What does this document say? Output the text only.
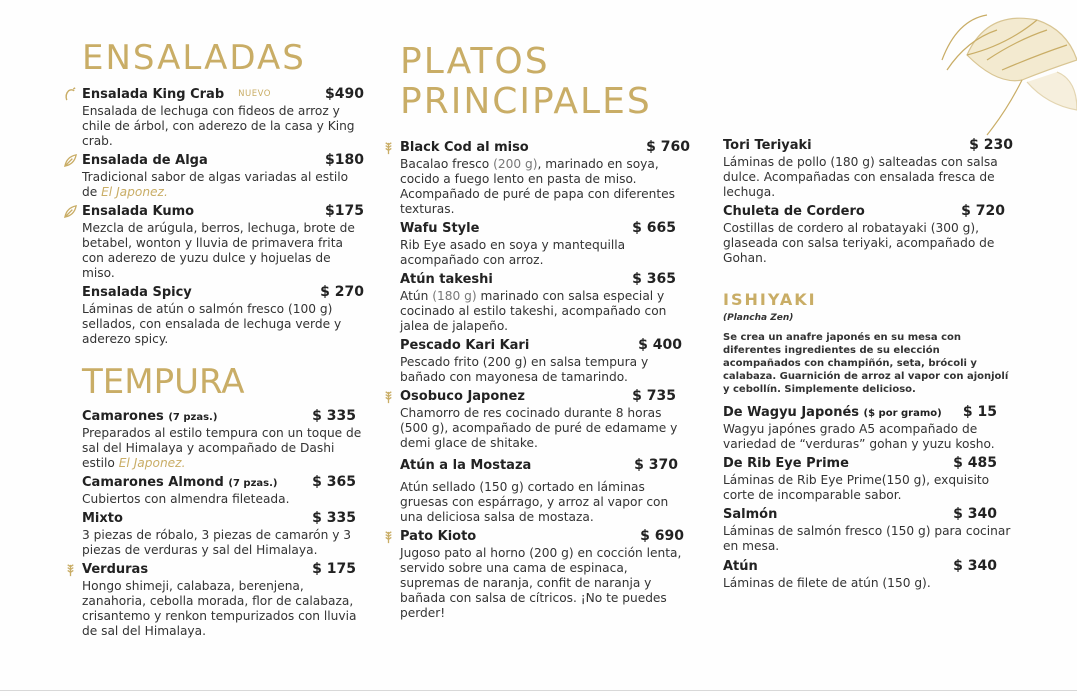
ENSALADAS
TEMPURA
PLATOS PRINCIPALES
ISHIYAKI
Ensalada King Crab NUEVO	$490

Ensalada de lechuga con fideos de arroz y chile de árbol, con aderezo de la casa y King crab.

Ensalada de Alga	$180

Tradicional sabor de algas variadas al estilo de El Japonez.

Ensalada Kumo	$175

Mezcla de arúgula, berros, lechuga, brote de betabel, wonton y lluvia de primavera frita con aderezo de yuzu dulce y hojuelas de miso.

Ensalada Spicy	$ 270

Láminas de atún o salmón fresco (100 g) sellados, con ensalada de lechuga verde y aderezo spicy.

Camarones (7 pzas.)	$ 335

Preparados al estilo tempura con un toque de sal del Himalaya y acompañado de Dashi estilo El Japonez.

Camarones Almond (7 pzas.) $ 365

Cubiertos con almendra fileteada.

Mixto	$ 335

3 piezas de róbalo, 3 piezas de camarón y 3 piezas de verduras y sal del Himalaya.

Verduras	$ 175

Hongo shimeji, calabaza, berenjena, zanahoria, cebolla morada, flor de calabaza, crisantemo y renkon tempurizados con lluvia de sal del Himalaya.

Black Cod al miso	$ 760

Bacalao fresco (200 g), marinado en soya, cocido a fuego lento en pasta de miso. Acompañado de puré de papa con diferentes texturas.

Wafu Style	$ 665

Rib Eye asado en soya y mantequilla acompañado con arroz.

Atún takeshi	$ 365

Atún (180 g) marinado con salsa especial y cocinado al estilo takeshi, acompañado con jalea de jalapeño.

Pescado Kari Kari	$ 400

Pescado frito (200 g) en salsa tempura y bañado con mayonesa de tamarindo.

Osobuco Japonez	$ 735

Chamorro de res cocinado durante 8 horas (500 g), acompañado de puré de edamame y demi glace de shitake.

Atún a la Mostaza	$ 370

Atún sellado (150 g) cortado en láminas gruesas con espárrago, y arroz al vapor con una deliciosa salsa de mostaza.

Pato Kioto	$ 690

Jugoso pato al horno (200 g) en cocción lenta, servido sobre una cama de espinaca, supremas de naranja, confit de naranja y bañada con salsa de cítricos. ¡No te puedes perder!

Tori Teriyaki	$ 230

Láminas de pollo (180 g) salteadas con salsa dulce. Acompañadas con ensalada fresca de lechuga.

Chuleta de Cordero	$ 720

Costillas de cordero al robatayaki (300 g), glaseada con salsa teriyaki, acompañado de Gohan.

(Plancha Zen)

Se crea un anafre japonés en su mesa con diferentes ingredientes de su elección acompañados con champiñón, seta, brócoli y calabaza. Guarnición de arroz al vapor con ajonjolí y cebollín. Simplemente delicioso.

De Wagyu Japonés ($ por gramo) $ 15

Wagyu japónes grado A5 acompañado de variedad de “verduras” gohan y yuzu kosho.

De Rib Eye Prime	$ 485

Láminas de Rib Eye Prime(150 g), exquisito corte de incomparable sabor.

Salmón	$ 340

Láminas de salmón fresco (150 g) para cocinar en mesa.

Atún	$ 340

Láminas de filete de atún (150 g).
